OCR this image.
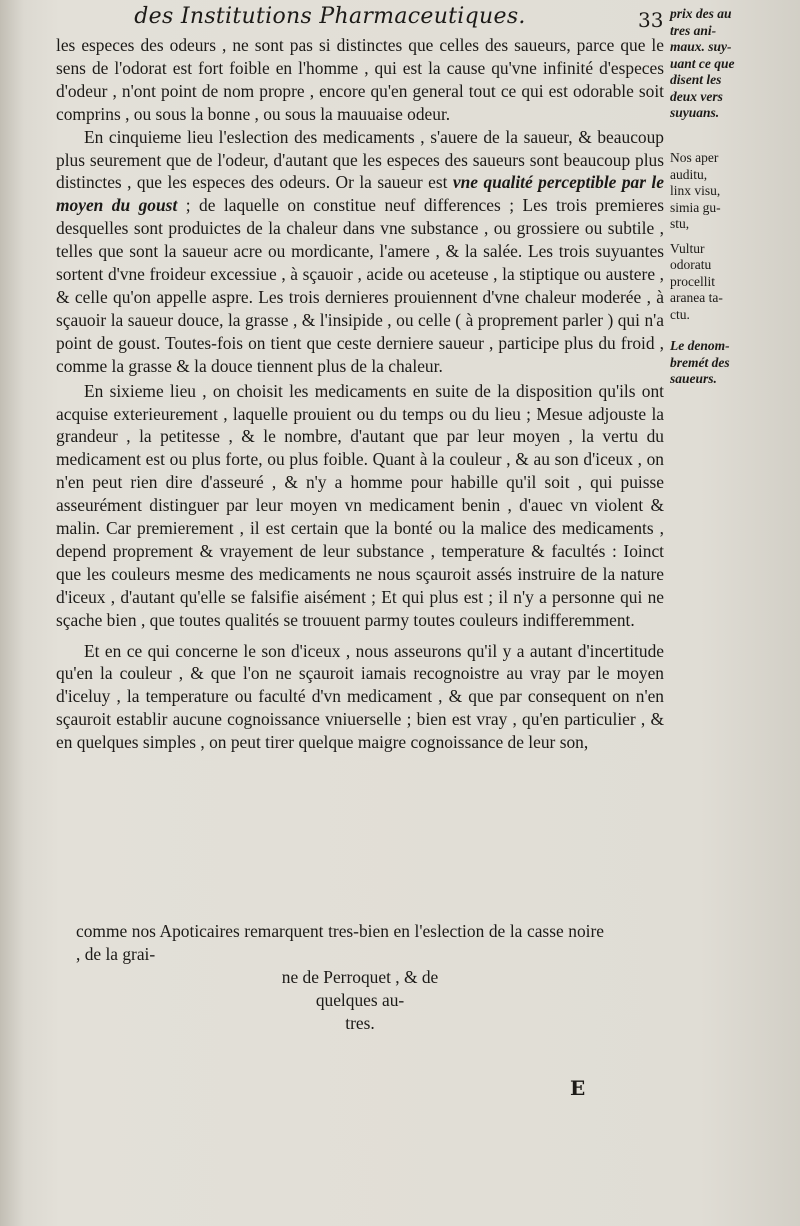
des Institutions Pharmaceutiques.	33

les especes des odeurs , ne sont pas si distinctes que celles des saueurs, parce que le sens de l'odorat est fort foible en l'homme , qui est la cause qu'vne infinité d'especes d'odeur , n'ont point de nom propre , encore qu'en general tout ce qui est odorable soit comprins , ou sous la bonne , ou sous la mauuaise odeur.

En cinquieme lieu l'eslection des medicaments , s'auere de la saueur, & beaucoup plus seurement que de l'odeur, d'autant que les especes des saueurs sont beaucoup plus distinctes , que les especes des odeurs. Or la saueur est vne qualité perceptible par le moyen du goust ; de laquelle on constitue neuf differences ; Les trois premieres desquelles sont produictes de la chaleur dans vne substance , ou grossiere ou subtile , telles que sont la saueur acre ou mordicante, l'amere , & la salée. Les trois suyuantes sortent d'vne froideur excessiue , à sçauoir , acide ou aceteuse , la stiptique ou austere , & celle qu'on appelle aspre. Les trois dernieres prouiennent d'vne chaleur moderée , à sçauoir la saueur douce, la grasse , & l'insipide , ou celle ( à proprement parler ) qui n'a point de goust. Toutes-fois on tient que ceste derniere saueur , participe plus du froid , comme la grasse & la douce tiennent plus de la chaleur.

En sixieme lieu , on choisit les medicaments en suite de la disposition qu'ils ont acquise exterieurement , laquelle prouient ou du temps ou du lieu ; Mesue adjouste la grandeur , la petitesse , & le nombre, d'autant que par leur moyen , la vertu du medicament est ou plus forte, ou plus foible. Quant à la couleur , & au son d'iceux , on n'en peut rien dire d'asseuré , & n'y a homme pour habille qu'il soit , qui puisse asseurément distinguer par leur moyen vn medicament benin , d'auec vn violent & malin. Car premierement , il est certain que la bonté ou la malice des medicaments , depend proprement & vrayement de leur substance , temperature & facultés : Ioinct que les couleurs mesme des medicaments ne nous sçauroit assés instruire de la nature d'iceux , d'autant qu'elle se falsifie aisément ; Et qui plus est ; il n'y a personne qui ne sçache bien , que toutes qualités se trouuent parmy toutes couleurs indifferemment.

Et en ce qui concerne le son d'iceux , nous asseurons qu'il y a autant d'incertitude qu'en la couleur , & que l'on ne sçauroit iamais recognoistre au vray par le moyen d'iceluy , la temperature ou faculté d'vn medicament , & que par consequent on n'en sçauroit establir aucune cognoissance vniuerselle ; bien est vray , qu'en particulier , & en quelques simples , on peut tirer quelque maigre cognoissance de leur son,

comme nos Apoticaires remarquent tres-bien en l'eslection de la casse noire , de la grai-
ne de Perroquet , & de
quelques au-
tres.
prix des au
tres ani-
maux. suy-
uant ce que
disent les
deux vers
suyuans.
Nos aper
auditu,
linx visu,
simia gu-
stu,
Vultur
odoratu
procellit
aranea ta-
ctu.
Le denom-
bremét des
saueurs.
E
